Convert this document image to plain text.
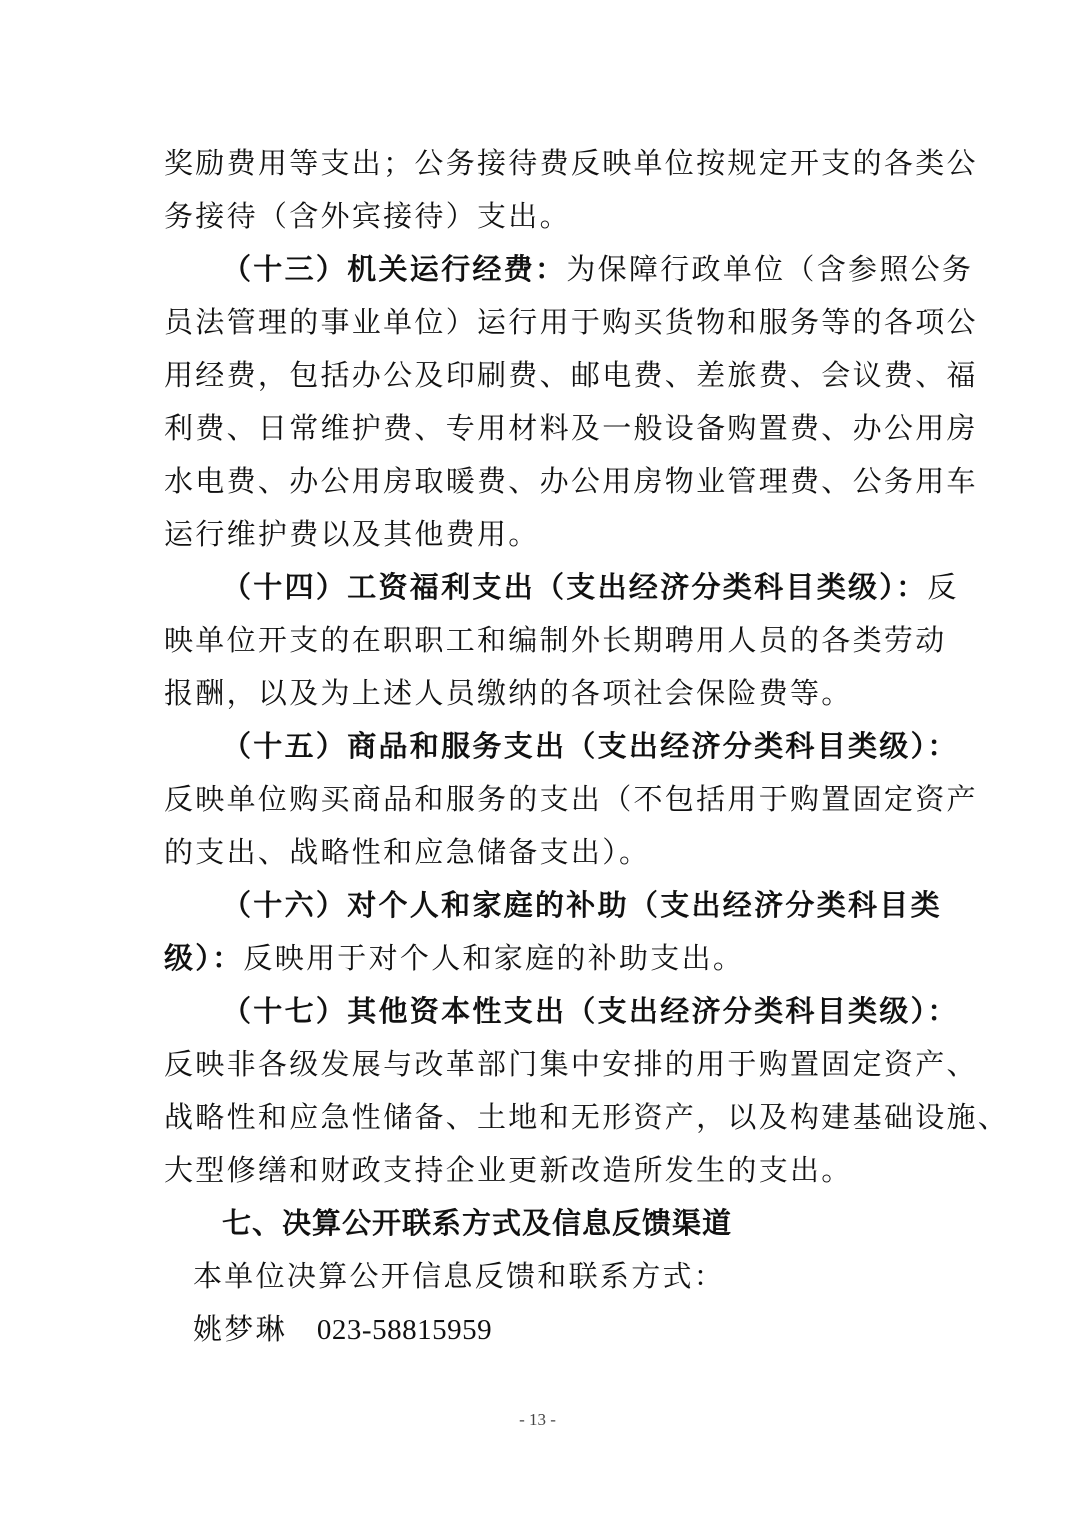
奖励费用等支出；公务接待费反映单位按规定开支的各类公
务接待（含外宾接待）支出。
（十三）机关运行经费：为保障行政单位（含参照公务
员法管理的事业单位）运行用于购买货物和服务等的各项公
用经费，包括办公及印刷费、邮电费、差旅费、会议费、福
利费、日常维护费、专用材料及一般设备购置费、办公用房
水电费、办公用房取暖费、办公用房物业管理费、公务用车
运行维护费以及其他费用。
（十四）工资福利支出（支出经济分类科目类级）：反
映单位开支的在职职工和编制外长期聘用人员的各类劳动
报酬，以及为上述人员缴纳的各项社会保险费等。
（十五）商品和服务支出（支出经济分类科目类级）：
反映单位购买商品和服务的支出（不包括用于购置固定资产
的支出、战略性和应急储备支出）。
（十六）对个人和家庭的补助（支出经济分类科目类
级）：反映用于对个人和家庭的补助支出。
（十七）其他资本性支出（支出经济分类科目类级）：
反映非各级发展与改革部门集中安排的用于购置固定资产、
战略性和应急性储备、土地和无形资产，以及构建基础设施、
大型修缮和财政支持企业更新改造所发生的支出。
七、决算公开联系方式及信息反馈渠道
本单位决算公开信息反馈和联系方式：
姚梦琳 023-58815959
- 13 -
